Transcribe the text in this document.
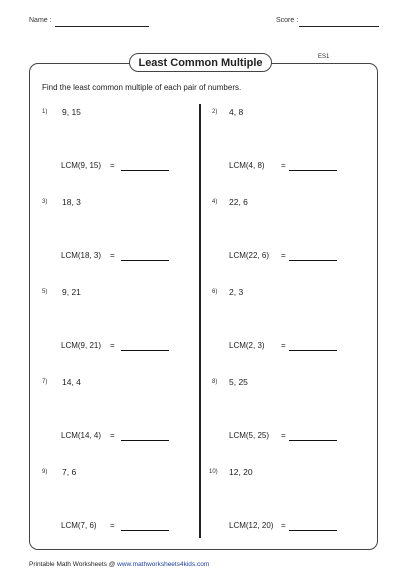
Name :	Score :
Least Common Multiple	ES1
Find the least common multiple of each pair of numbers.
1) 9, 15
LCM(9, 15) =
2) 4, 8
LCM(4, 8) =
3) 18, 3
LCM(18, 3) =
4) 22, 6
LCM(22, 6) =
5) 9, 21
LCM(9, 21) =
6) 2, 3
LCM(2, 3) =
7) 14, 4
LCM(14, 4) =
8) 5, 25
LCM(5, 25) =
9) 7, 6
LCM(7, 6) =
10) 12, 20
LCM(12, 20) =
Printable Math Worksheets @ www.mathworksheets4kids.com
